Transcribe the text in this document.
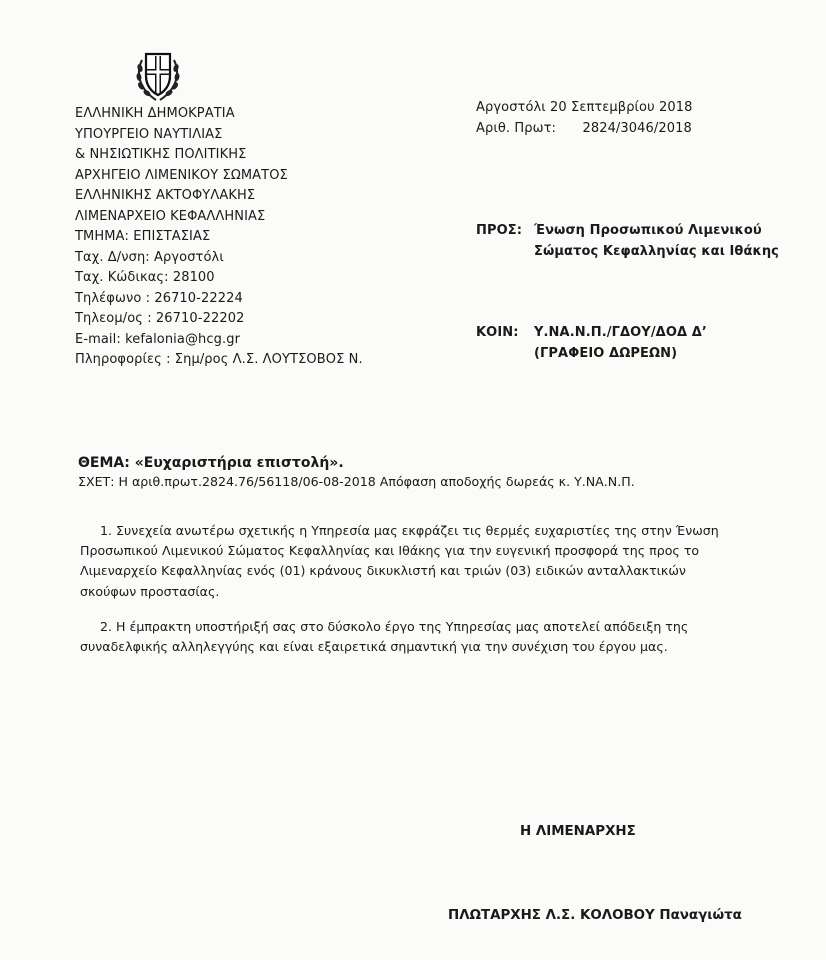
ΕΛΛΗΝΙΚΗ ΔΗΜΟΚΡΑΤΙΑ
ΥΠΟΥΡΓΕΙΟ ΝΑΥΤΙΛΙΑΣ
& ΝΗΣΙΩΤΙΚΗΣ ΠΟΛΙΤΙΚΗΣ
ΑΡΧΗΓΕΙΟ ΛΙΜΕΝΙΚΟΥ ΣΩΜΑΤΟΣ
ΕΛΛΗΝΙΚΗΣ ΑΚΤΟΦΥΛΑΚΗΣ
ΛΙΜΕΝΑΡΧΕΙΟ ΚΕΦΑΛΛΗΝΙΑΣ
ΤΜΗΜΑ: ΕΠΙΣΤΑΣΙΑΣ
Ταχ. Δ/νση: Αργοστόλι
Ταχ. Κώδικας: 28100
Τηλέφωνο : 26710-22224
Τηλεομ/ος : 26710-22202
E-mail: kefalonia@hcg.gr
Πληροφορίες : Σημ/ρος Λ.Σ. ΛΟΥΤΣΟΒΟΣ Ν.
Αργοστόλι 20 Σεπτεμβρίου 2018
Αριθ. Πρωτ: 2824/3046/2018
ΠΡΟΣ: Ένωση Προσωπικού Λιμενικού
Σώματος Κεφαλληνίας και Ιθάκης
ΚΟΙΝ: Υ.ΝΑ.Ν.Π./ΓΔΟΥ/ΔΟΔ Δ’
(ΓΡΑΦΕΙΟ ΔΩΡΕΩΝ)
ΘΕΜΑ: «Ευχαριστήρια επιστολή».
ΣΧΕΤ: Η αριθ.πρωτ.2824.76/56118/06-08-2018 Απόφαση αποδοχής δωρεάς κ. Υ.ΝΑ.Ν.Π.
1. Συνεχεία ανωτέρω σχετικής η Υπηρεσία μας εκφράζει τις θερμές ευχαριστίες της στην Ένωση
Προσωπικού Λιμενικού Σώματος Κεφαλληνίας και Ιθάκης για την ευγενική προσφορά της προς το
Λιμεναρχείο Κεφαλληνίας ενός (01) κράνους δικυκλιστή και τριών (03) ειδικών ανταλλακτικών
σκούφων προστασίας.
2. Η έμπρακτη υποστήριξή σας στο δύσκολο έργο της Υπηρεσίας μας αποτελεί απόδειξη της
συναδελφικής αλληλεγγύης και είναι εξαιρετικά σημαντική για την συνέχιση του έργου μας.
Η ΛΙΜΕΝΑΡΧΗΣ
ΠΛΩΤΑΡΧΗΣ Λ.Σ. ΚΟΛΟΒΟΥ Παναγιώτα
